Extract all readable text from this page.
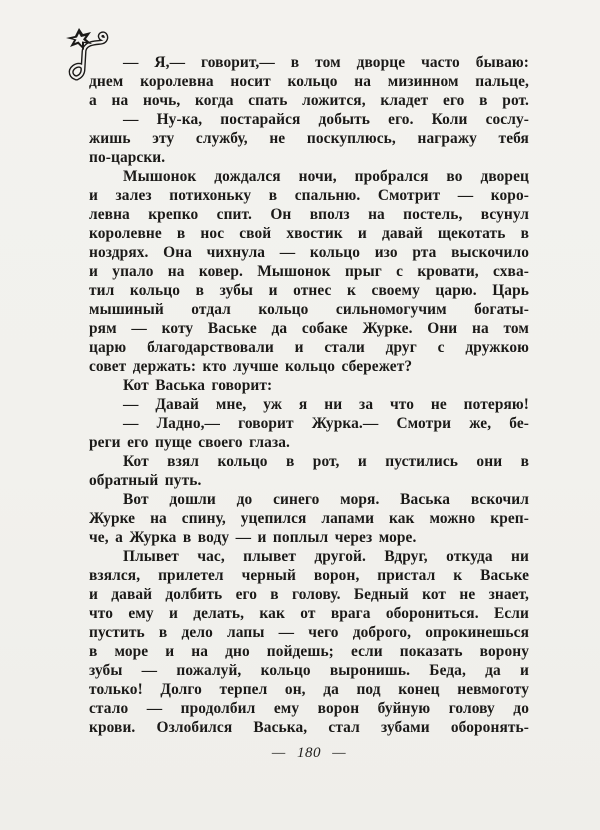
— Я,— говорит,— в том дворце часто бываю:
днем королевна носит кольцо на мизинном пальце,
а на ночь, когда спать ложится, кладет его в рот.
— Ну-ка, постарайся добыть его. Коли сослу-
жишь эту службу, не поскуплюсь, награжу тебя
по-царски.
Мышонок дождался ночи, пробрался во дворец
и залез потихоньку в спальню. Смотрит — коро-
левна крепко спит. Он вполз на постель, всунул
королевне в нос свой хвостик и давай щекотать в
ноздрях. Она чихнула — кольцо изо рта выскочило
и упало на ковер. Мышонок прыг с кровати, схва-
тил кольцо в зубы и отнес к своему царю. Царь
мышиный отдал кольцо сильномогучим богаты-
рям — коту Ваське да собаке Журке. Они на том
царю благодарствовали и стали друг с дружкою
совет держать: кто лучше кольцо сбережет?
Кот Васька говорит:
— Давай мне, уж я ни за что не потеряю!
— Ладно,— говорит Журка.— Смотри же, бе-
реги его пуще своего глаза.
Кот взял кольцо в рот, и пустились они в
обратный путь.
Вот дошли до синего моря. Васька вскочил
Журке на спину, уцепился лапами как можно креп-
че, а Журка в воду — и поплыл через море.
Плывет час, плывет другой. Вдруг, откуда ни
взялся, прилетел черный ворон, пристал к Ваське
и давай долбить его в голову. Бедный кот не знает,
что ему и делать, как от врага оборониться. Если
пустить в дело лапы — чего доброго, опрокинешься
в море и на дно пойдешь; если показать ворону
зубы — пожалуй, кольцо выронишь. Беда, да и
только! Долго терпел он, да под конец невмоготу
стало — продолбил ему ворон буйную голову до
крови. Озлобился Васька, стал зубами оборонять-
— 180 —
